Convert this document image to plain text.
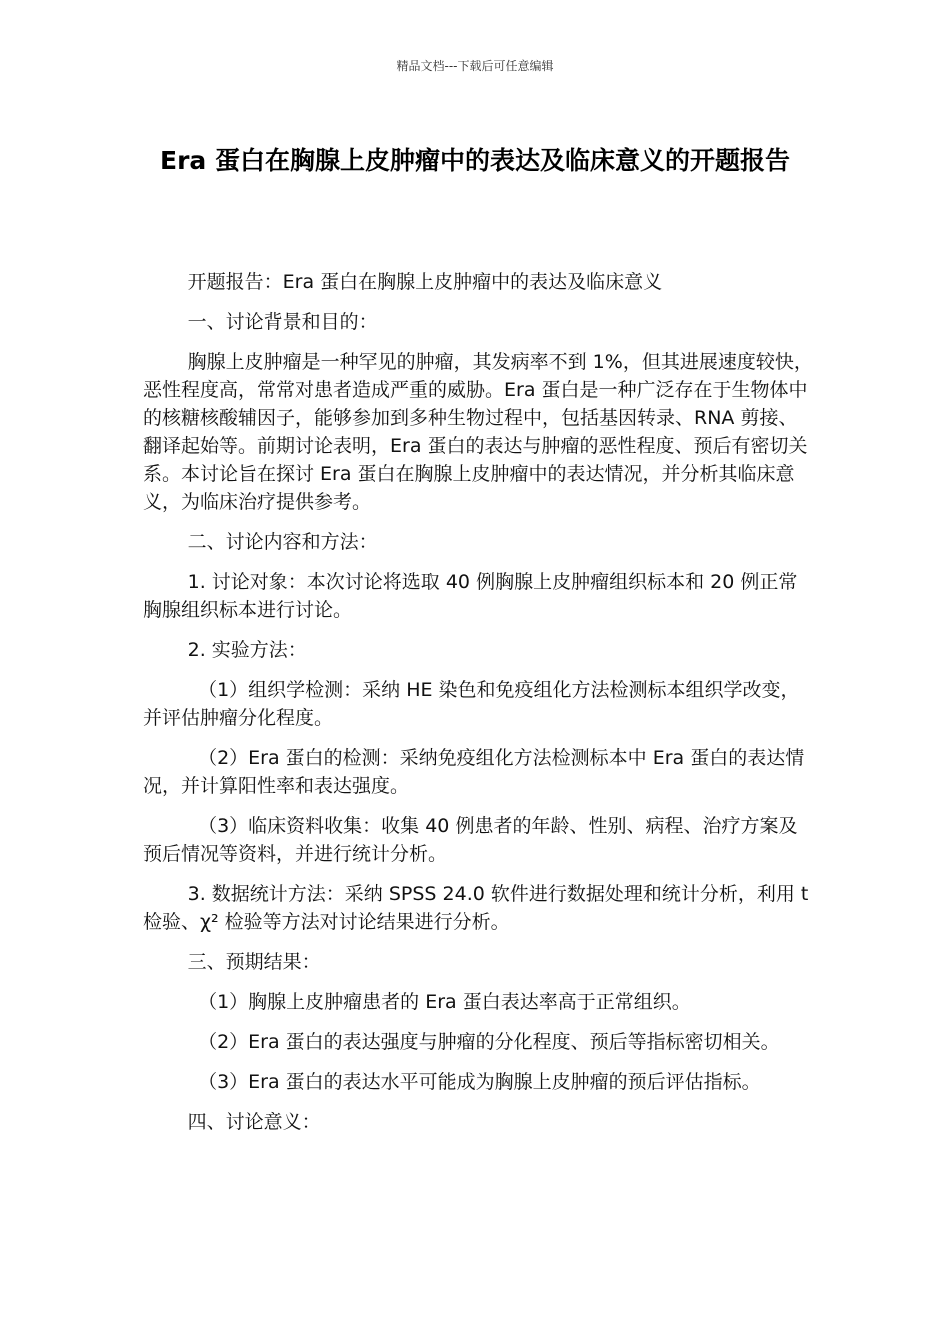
精品文档---下载后可任意编辑
Era 蛋白在胸腺上皮肿瘤中的表达及临床意义的开题报告

开题报告：Era 蛋白在胸腺上皮肿瘤中的表达及临床意义

一、讨论背景和目的：

胸腺上皮肿瘤是一种罕见的肿瘤，其发病率不到 1%，但其进展速度较快，恶性程度高，常常对患者造成严重的威胁。Era 蛋白是一种广泛存在于生物体中的核糖核酸辅因子，能够参加到多种生物过程中，包括基因转录、RNA 剪接、翻译起始等。前期讨论表明，Era 蛋白的表达与肿瘤的恶性程度、预后有密切关系。本讨论旨在探讨 Era 蛋白在胸腺上皮肿瘤中的表达情况，并分析其临床意义，为临床治疗提供参考。

二、讨论内容和方法：

1. 讨论对象：本次讨论将选取 40 例胸腺上皮肿瘤组织标本和 20 例正常胸腺组织标本进行讨论。

2. 实验方法：

（1）组织学检测：采纳 HE 染色和免疫组化方法检测标本组织学改变，并评估肿瘤分化程度。

（2）Era 蛋白的检测：采纳免疫组化方法检测标本中 Era 蛋白的表达情况，并计算阳性率和表达强度。

（3）临床资料收集：收集 40 例患者的年龄、性别、病程、治疗方案及预后情况等资料，并进行统计分析。

3. 数据统计方法：采纳 SPSS 24.0 软件进行数据处理和统计分析，利用 t 检验、χ² 检验等方法对讨论结果进行分析。

三、预期结果：

（1）胸腺上皮肿瘤患者的 Era 蛋白表达率高于正常组织。

（2）Era 蛋白的表达强度与肿瘤的分化程度、预后等指标密切相关。

（3）Era 蛋白的表达水平可能成为胸腺上皮肿瘤的预后评估指标。

四、讨论意义：
